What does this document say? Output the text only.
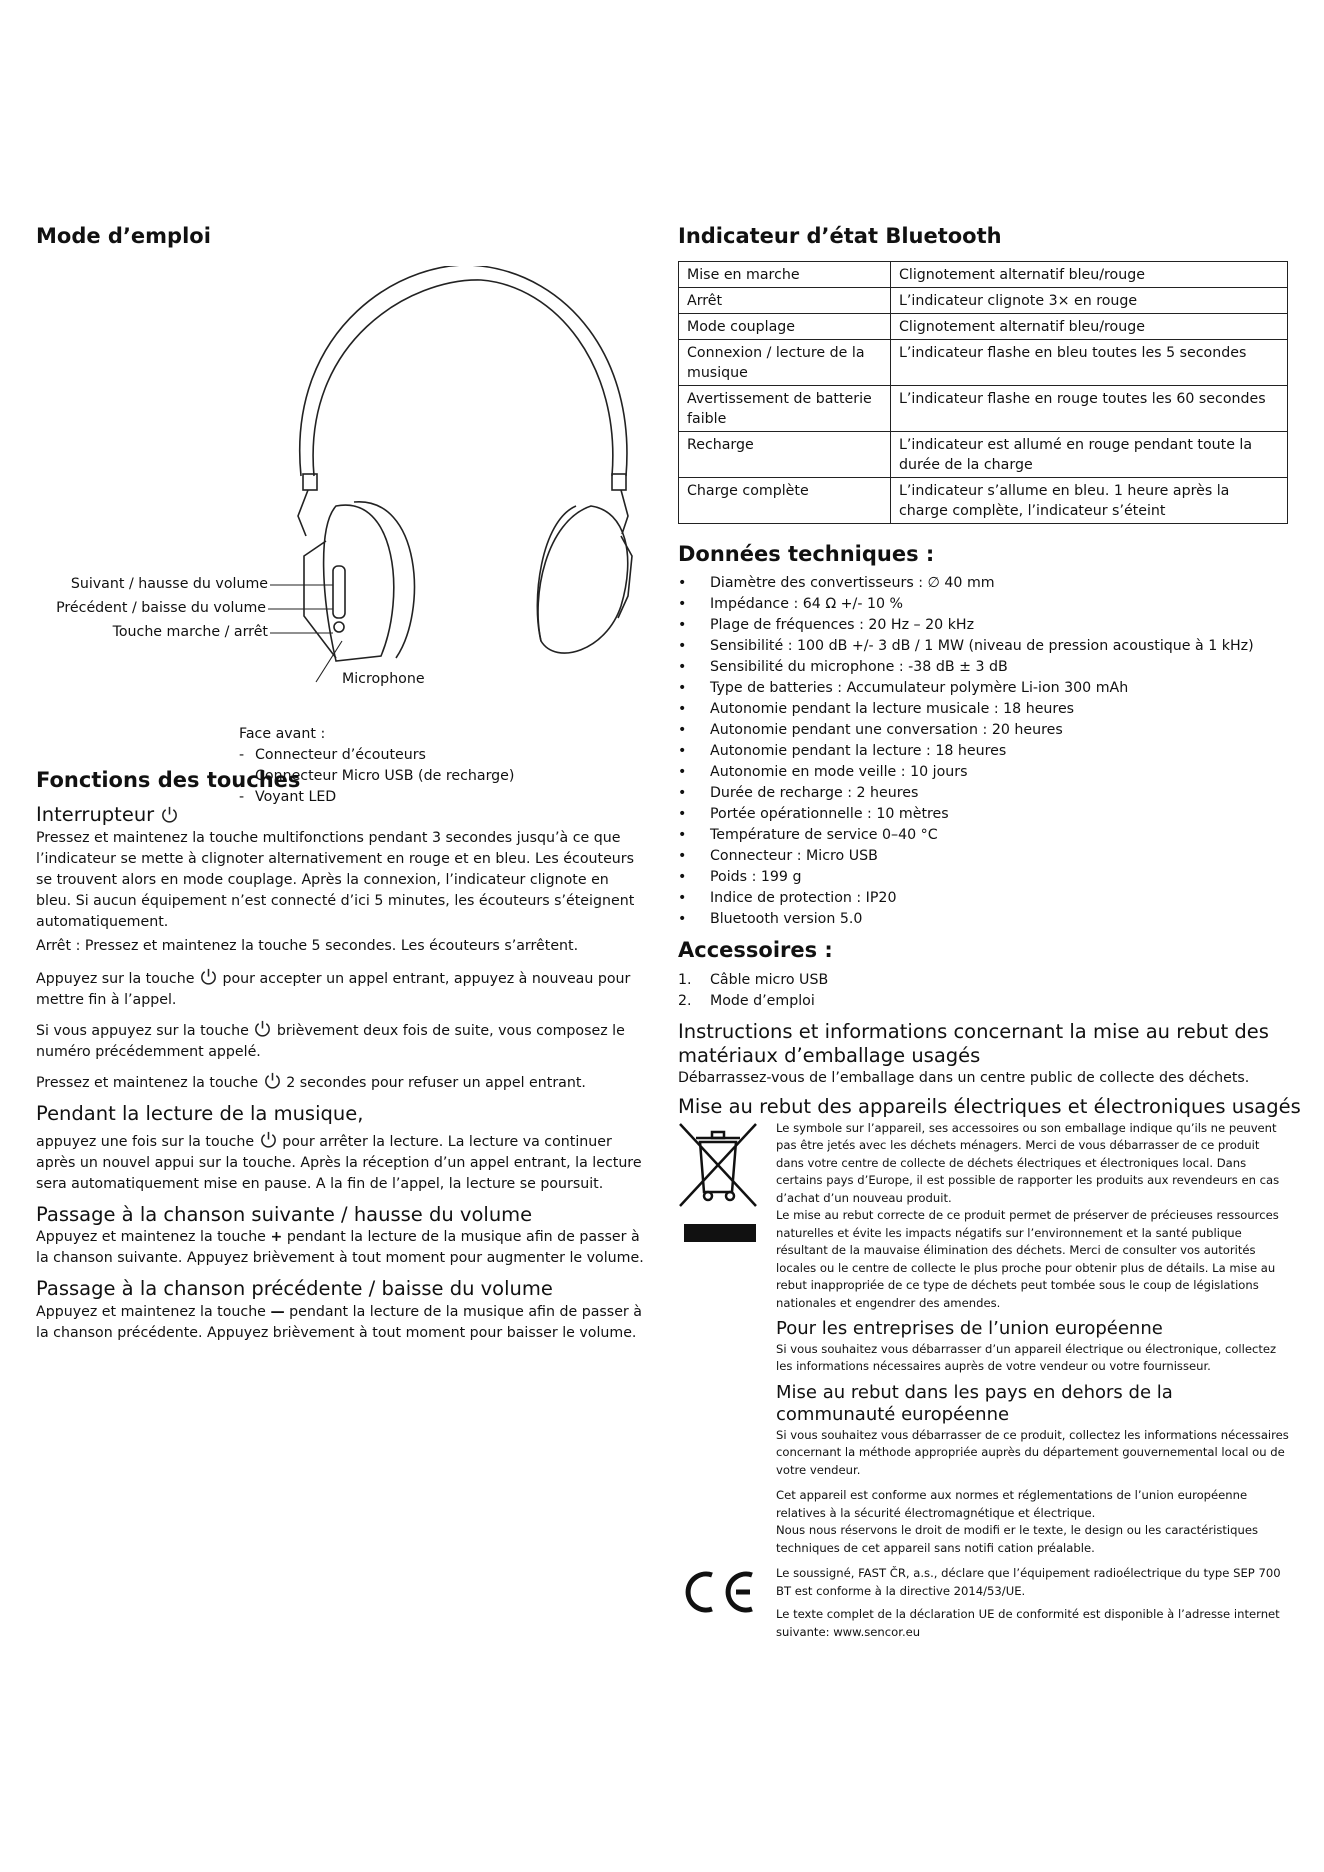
Mode d’emploi
Suivant / hausse du volume
Précédent / baisse du volume
Touche marche / arrêt
Microphone
Face avant :
- Connecteur d’écouteurs
- Connecteur Micro USB (de recharge)
- Voyant LED
Fonctions des touches
Interrupteur

Pressez et maintenez la touche multifonctions pendant 3 secondes jusqu’à ce que l’indicateur se mette à clignoter alternativement en rouge et en bleu. Les écouteurs se trouvent alors en mode couplage. Après la connexion, l’indicateur clignote en bleu. Si aucun équipement n’est connecté d’ici 5 minutes, les écouteurs s’éteignent automatiquement.

Arrêt : Pressez et maintenez la touche 5 secondes. Les écouteurs s’arrêtent.

Appuyez sur la touche pour accepter un appel entrant, appuyez à nouveau pour mettre fin à l’appel.

Si vous appuyez sur la touche brièvement deux fois de suite, vous composez le numéro précédemment appelé.

Pressez et maintenez la touche 2 secondes pour refuser un appel entrant.

Pendant la lecture de la musique,

appuyez une fois sur la touche pour arrêter la lecture. La lecture va continuer après un nouvel appui sur la touche. Après la réception d’un appel entrant, la lecture sera automatiquement mise en pause. A la fin de l’appel, la lecture se poursuit.

Passage à la chanson suivante / hausse du volume

Appuyez et maintenez la touche + pendant la lecture de la musique afin de passer à la chanson suivante. Appuyez brièvement à tout moment pour augmenter le volume.

Passage à la chanson précédente / baisse du volume

Appuyez et maintenez la touche — pendant la lecture de la musique afin de passer à la chanson précédente. Appuyez brièvement à tout moment pour baisser le volume.

Indicateur d’état Bluetooth
Mise en marche	Clignotement alternatif bleu/rouge
Arrêt	L’indicateur clignote 3× en rouge
Mode couplage	Clignotement alternatif bleu/rouge
Connexion / lecture de la musique	L’indicateur flashe en bleu toutes les 5 secondes
Avertissement de batterie faible	L’indicateur flashe en rouge toutes les 60 secondes
Recharge	L’indicateur est allumé en rouge pendant toute la durée de la charge
Charge complète	L’indicateur s’allume en bleu. 1 heure après la charge complète, l’indicateur s’éteint
Données techniques :
• Diamètre des convertisseurs : ∅ 40 mm
• Impédance : 64 Ω +/- 10 %
• Plage de fréquences : 20 Hz – 20 kHz
• Sensibilité : 100 dB +/- 3 dB / 1 MW (niveau de pression acoustique à 1 kHz)
• Sensibilité du microphone : -38 dB ± 3 dB
• Type de batteries : Accumulateur polymère Li-ion 300 mAh
• Autonomie pendant la lecture musicale : 18 heures
• Autonomie pendant une conversation : 20 heures
• Autonomie pendant la lecture : 18 heures
• Autonomie en mode veille : 10 jours
• Durée de recharge : 2 heures
• Portée opérationnelle : 10 mètres
• Température de service 0–40 °C
• Connecteur : Micro USB
• Poids : 199 g
• Indice de protection : IP20
• Bluetooth version 5.0
Accessoires :
1. Câble micro USB
2. Mode d’emploi
Instructions et informations concernant la mise au rebut des matériaux d’emballage usagés

Débarrassez-vous de l’emballage dans un centre public de collecte des déchets.

Mise au rebut des appareils électriques et électroniques usagés

Le symbole sur l’appareil, ses accessoires ou son emballage indique qu’ils ne peuvent pas être jetés avec les déchets ménagers. Merci de vous débarrasser de ce produit dans votre centre de collecte de déchets électriques et électroniques local. Dans certains pays d’Europe, il est possible de rapporter les produits aux revendeurs en cas d’achat d’un nouveau produit.

Le mise au rebut correcte de ce produit permet de préserver de précieuses ressources naturelles et évite les impacts négatifs sur l’environnement et la santé publique résultant de la mauvaise élimination des déchets. Merci de consulter vos autorités locales ou le centre de collecte le plus proche pour obtenir plus de détails. La mise au rebut inappropriée de ce type de déchets peut tombée sous le coup de législations nationales et engendrer des amendes.

Pour les entreprises de l’union européenne

Si vous souhaitez vous débarrasser d’un appareil électrique ou électronique, collectez les informations nécessaires auprès de votre vendeur ou votre fournisseur.

Mise au rebut dans les pays en dehors de la communauté européenne

Si vous souhaitez vous débarrasser de ce produit, collectez les informations nécessaires concernant la méthode appropriée auprès du département gouvernemental local ou de votre vendeur.

Cet appareil est conforme aux normes et réglementations de l’union européenne relatives à la sécurité électromagnétique et électrique.

Nous nous réservons le droit de modifi er le texte, le design ou les caractéristiques techniques de cet appareil sans notifi cation préalable.

Le soussigné, FAST ČR, a.s., déclare que l’équipement radioélectrique du type SEP 700 BT est conforme à la directive 2014/53/UE.

Le texte complet de la déclaration UE de conformité est disponible à l’adresse internet suivante: www.sencor.eu
